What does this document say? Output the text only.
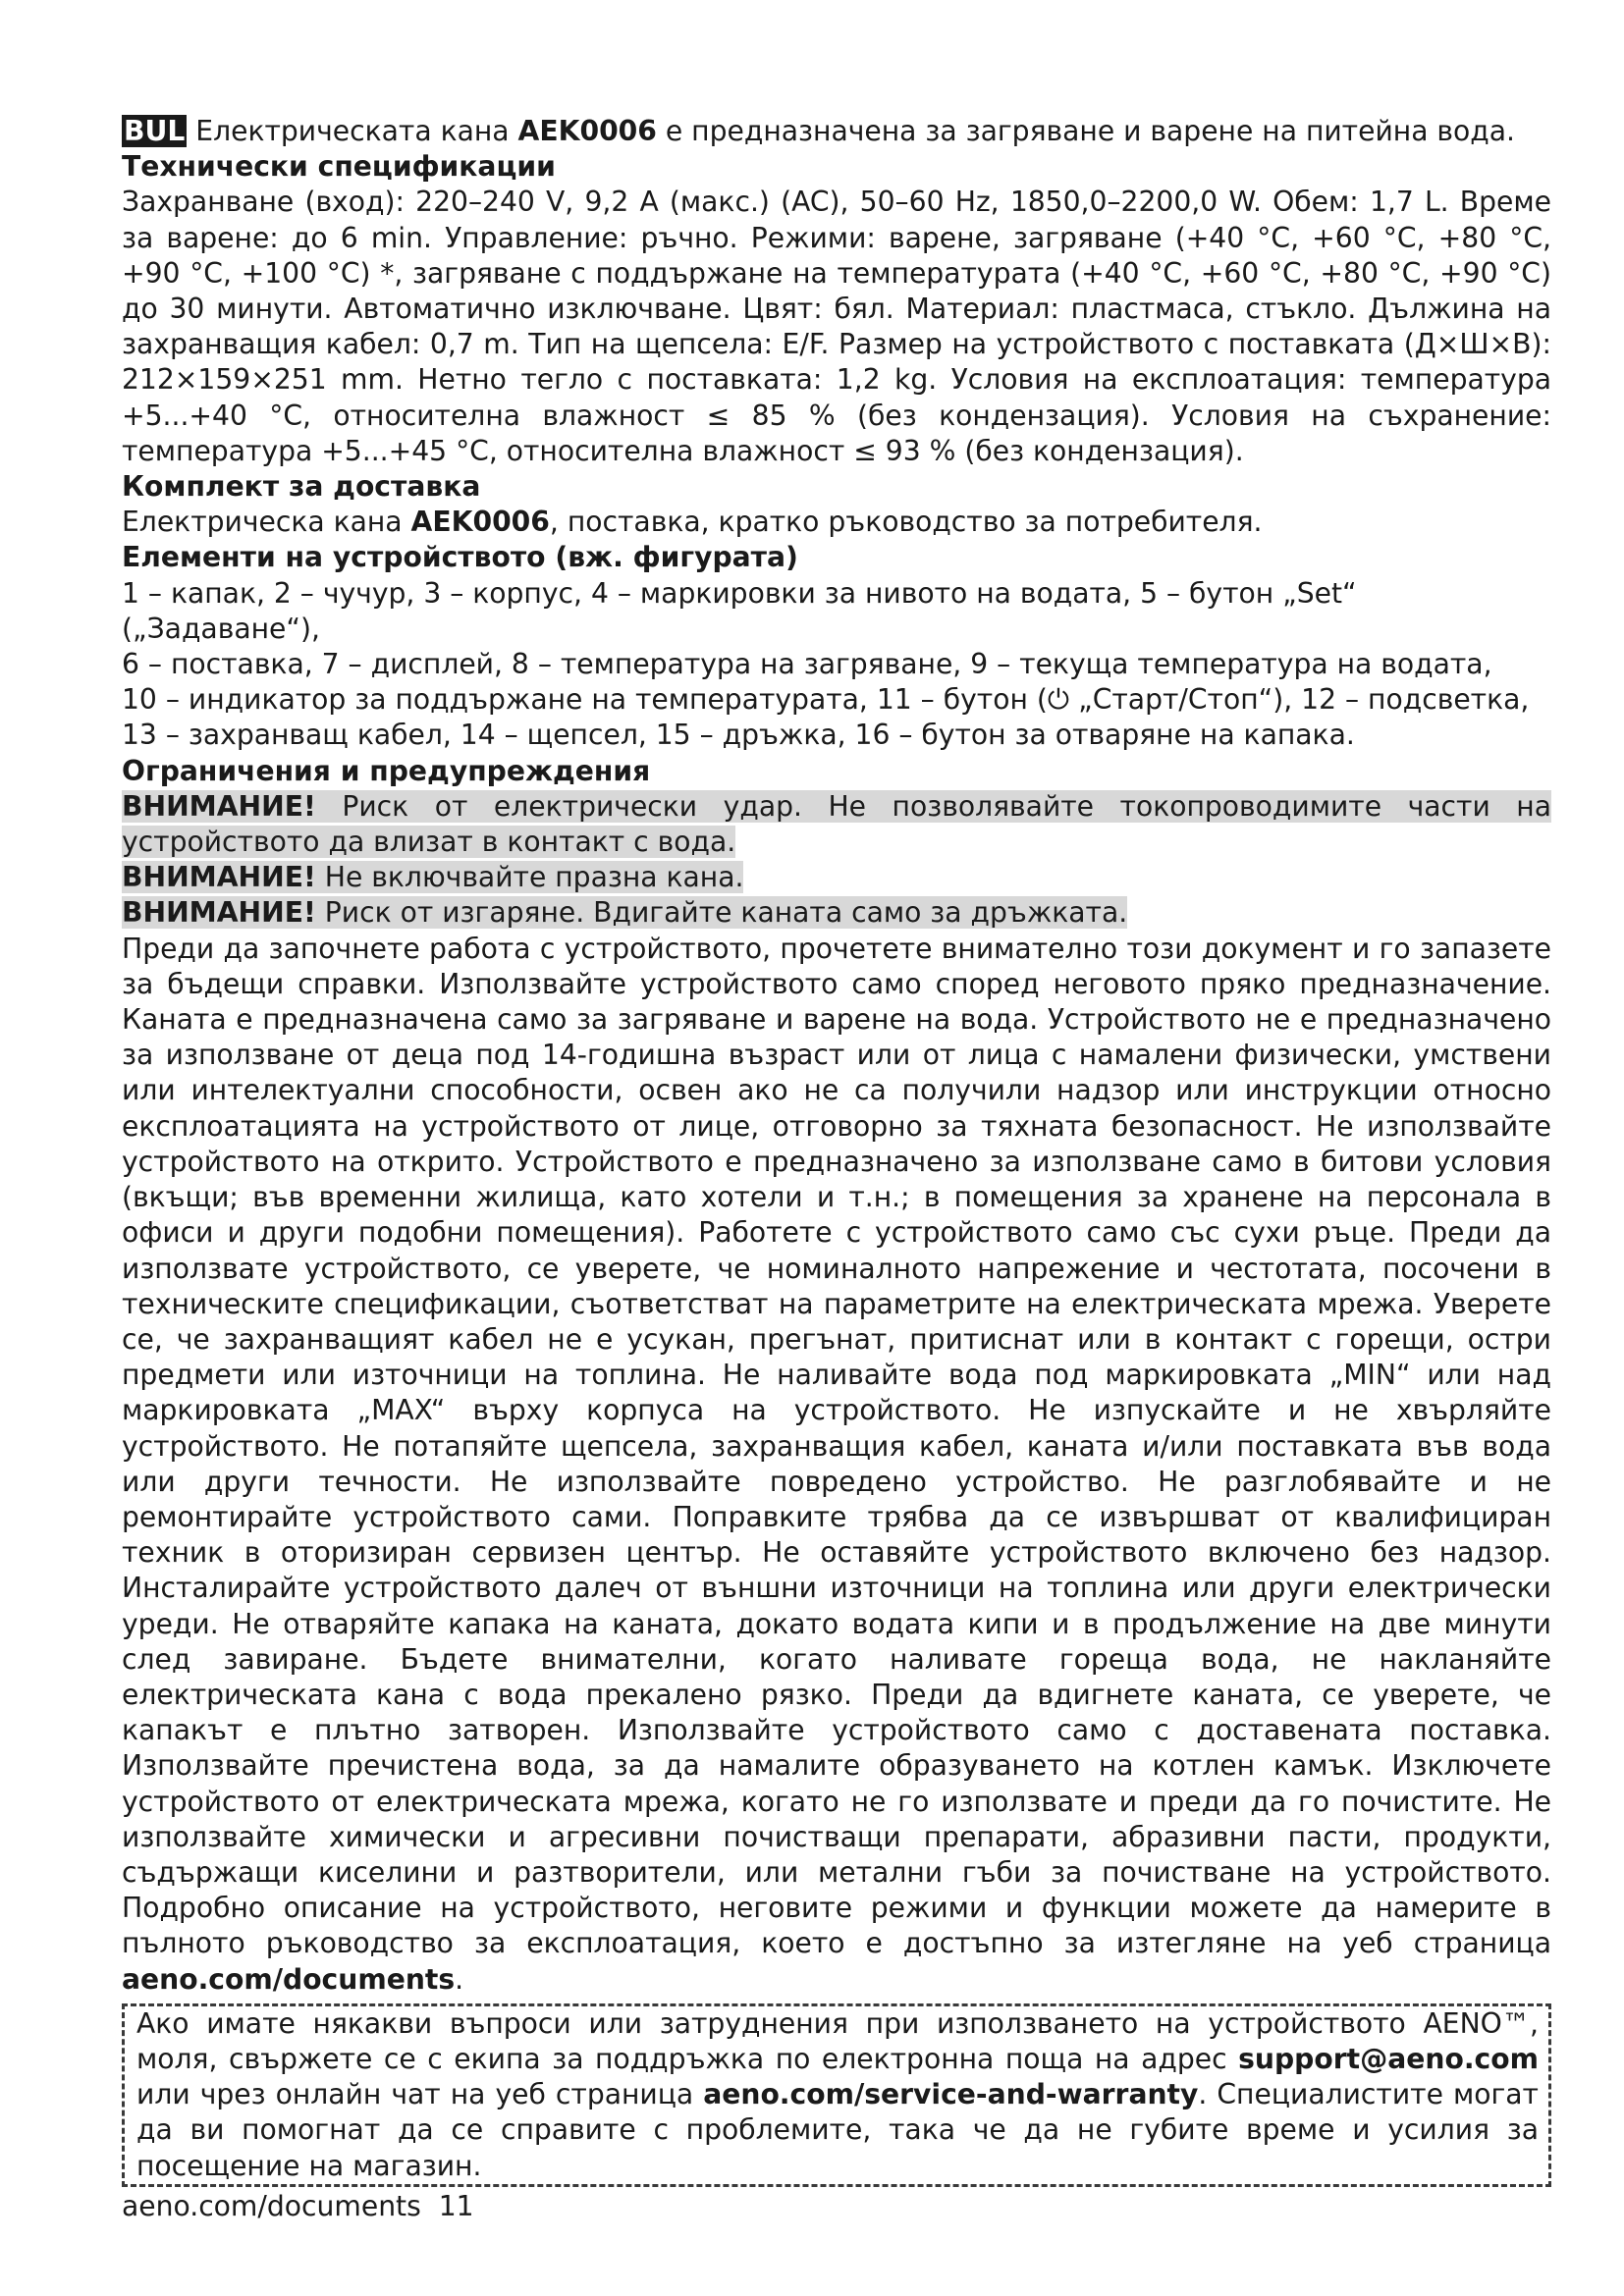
BUL Електрическата кана AEK0006 е предназначена за загряване и варене на питейна вода.

Технически спецификации

Захранване (вход): 220–240 V, 9,2 A (макс.) (AC), 50–60 Hz, 1850,0–2200,0 W. Обем: 1,7 L. Време за варене: до 6 min. Управление: ръчно. Режими: варене, загряване (+40 °C, +60 °C, +80 °C, +90 °C, +100 °C) *, загряване с поддържане на температурата (+40 °C, +60 °C, +80 °C, +90 °C) до 30 минути. Автоматично изключване. Цвят: бял. Материал: пластмаса, стъкло. Дължина на захранващия кабел: 0,7 m. Тип на щепсела: E/F. Размер на устройството с поставката (Д×Ш×В): 212×159×251 mm. Нетно тегло с поставката: 1,2 kg. Условия на експлоатация: температура +5...+40 °C, относителна влажност ≤ 85 % (без кондензация). Условия на съхранение: температура +5...+45 °C, относителна влажност ≤ 93 % (без кондензация).

Комплект за доставка

Електрическа кана AEK0006, поставка, кратко ръководство за потребителя.

Елементи на устройството (вж. фигурата)
1 – капак, 2 – чучур, 3 – корпус, 4 – маркировки за нивото на водата, 5 – бутон „Set“ („Задаване“),
6 – поставка, 7 – дисплей, 8 – температура на загряване, 9 – текуща температура на водата,
10 – индикатор за поддържане на температурата, 11 – бутон (⏻ „Старт/Стоп“), 12 – подсветка,
13 – захранващ кабел, 14 – щепсел, 15 – дръжка, 16 – бутон за отваряне на капака.
Ограничения и предупреждения

ВНИМАНИЕ! Риск от електрически удар. Не позволявайте токопроводимите части на устройството да влизат в контакт с вода.

ВНИМАНИЕ! Не включвайте празна кана.

ВНИМАНИЕ! Риск от изгаряне. Вдигайте каната само за дръжката.

Преди да започнете работа с устройството, прочетете внимателно този документ и го запазете за бъдещи справки. Използвайте устройството само според неговото пряко предназначение. Каната е предназначена само за загряване и варене на вода. Устройството не е предназначено за използване от деца под 14-годишна възраст или от лица с намалени физически, умствени или интелектуални способности, освен ако не са получили надзор или инструкции относно експлоатацията на устройството от лице, отговорно за тяхната безопасност. Не използвайте устройството на открито. Устройството е предназначено за използване само в битови условия (вкъщи; във временни жилища, като хотели и т.н.; в помещения за хранене на персонала в офиси и други подобни помещения). Работете с устройството само със сухи ръце. Преди да използвате устройството, се уверете, че номиналното напрежение и честотата, посочени в техническите спецификации, съответстват на параметрите на електрическата мрежа. Уверете се, че захранващият кабел не е усукан, прегънат, притиснат или в контакт с горещи, остри предмети или източници на топлина. Не наливайте вода под маркировката „MIN“ или над маркировката „MAX“ върху корпуса на устройството. Не изпускайте и не хвърляйте устройството. Не потапяйте щепсела, захранващия кабел, каната и/или поставката във вода или други течности. Не използвайте повредено устройство. Не разглобявайте и не ремонтирайте устройството сами. Поправките трябва да се извършват от квалифициран техник в оторизиран сервизен център. Не оставяйте устройството включено без надзор. Инсталирайте устройството далеч от външни източници на топлина или други електрически уреди. Не отваряйте капака на каната, докато водата кипи и в продължение на две минути след завиране. Бъдете внимателни, когато наливате гореща вода, не накланяйте електрическата кана с вода прекалено рязко. Преди да вдигнете каната, се уверете, че капакът е плътно затворен. Използвайте устройството само с доставената поставка. Използвайте пречистена вода, за да намалите образуването на котлен камък. Изключете устройството от електрическата мрежа, когато не го използвате и преди да го почистите. Не използвайте химически и агресивни почистващи препарати, абразивни пасти, продукти, съдържащи киселини и разтворители, или метални гъби за почистване на устройството. Подробно описание на устройството, неговите режими и функции можете да намерите в пълното ръководство за експлоатация, което е достъпно за изтегляне на уеб страница aeno.com/documents.

Ако имате някакви въпроси или затруднения при използването на устройството AENO™, моля, свържете се с екипа за поддръжка по електронна поща на адрес support@aeno.com или чрез онлайн чат на уеб страница aeno.com/service-and-warranty. Специалистите могат да ви помогнат да се справите с проблемите, така че да не губите време и усилия за посещение на магазин.

aeno.com/documents 11
